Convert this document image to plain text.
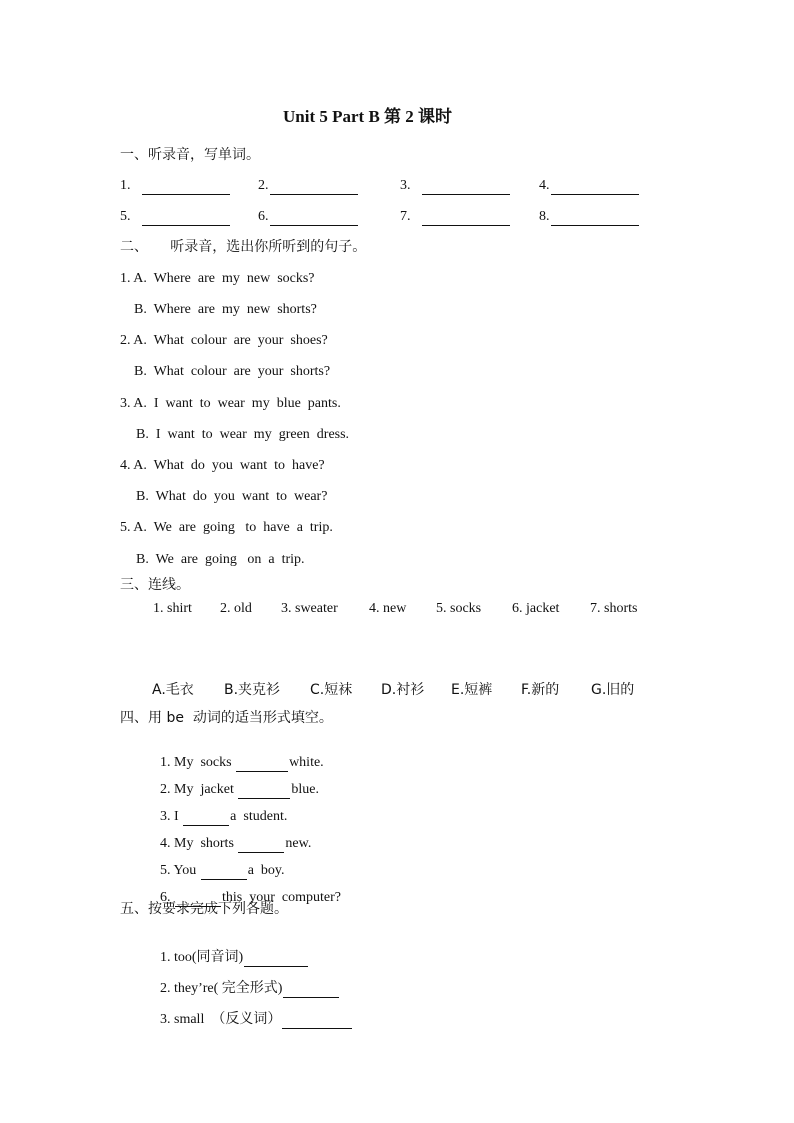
Unit 5 Part B 第 2 课时
一、听录音，写单词。
1.	2.	3.	4.
5.	6.	7.	8.
二、     听录音，选出你所听到的句子。
1. A.  Where  are  my  new  socks?
B.  Where  are  my  new  shorts?
2. A.  What  colour  are  your  shoes?
B.  What  colour  are  your  shorts?
3. A.  I  want  to  wear  my  blue  pants.
B.  I  want  to  wear  my  green  dress.
4. A.  What  do  you  want  to  have?
B.  What  do  you  want  to  wear?
5. A.  We  are  going   to  have  a  trip.
B.  We  are  going   on  a  trip.
三、连线。
1. shirt 2. old 3. sweater 4. new 5. socks 6. jacket 7. shorts
A.毛衣 B.夹克衫 C.短袜 D.衬衫 E.短裤 F.新的 G.旧的
四、用 be  动词的适当形式填空。

1. My  socks	white.

2. My  jacket	blue.

3. I	a  student.

4. My  shorts	new.

5. You	a  boy.

6.	this  your  computer?

五、按要求完成下列各题。

1. too(同音词)

2. they’re( 完全形式)

3. small  （反义词）
